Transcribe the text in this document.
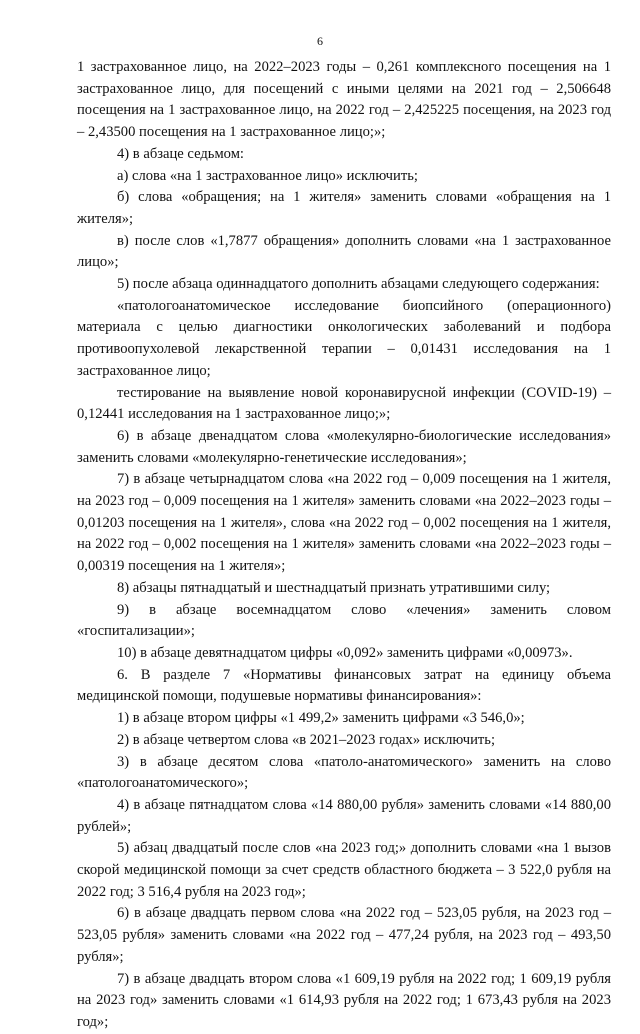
6

1 застрахованное лицо, на 2022–2023 годы – 0,261 комплексного посещения на 1 застрахованное лицо, для посещений с иными целями на 2021 год – 2,506648 посещения на 1 застрахованное лицо, на 2022 год – 2,425225 посещения, на 2023 год – 2,43500 посещения на 1 застрахованное лицо;»;

4) в абзаце седьмом:

а) слова «на 1 застрахованное лицо» исключить;

б) слова «обращения; на 1 жителя» заменить словами «обращения на 1 жителя»;

в) после слов «1,7877 обращения» дополнить словами «на 1 застрахованное лицо»;

5) после абзаца одиннадцатого дополнить абзацами следующего содержания:

«патологоанатомическое исследование биопсийного (операционного) материала с целью диагностики онкологических заболеваний и подбора противоопухолевой лекарственной терапии – 0,01431 исследования на 1 застрахованное лицо;

тестирование на выявление новой коронавирусной инфекции (COVID-19) – 0,12441 исследования на 1 застрахованное лицо;»;

6) в абзаце двенадцатом слова «молекулярно-биологические исследования» заменить словами «молекулярно-генетические исследования»;

7) в абзаце четырнадцатом слова «на 2022 год – 0,009 посещения на 1 жителя, на 2023 год – 0,009 посещения на 1 жителя» заменить словами «на 2022–2023 годы – 0,01203 посещения на 1 жителя», слова «на 2022 год – 0,002 посещения на 1 жителя, на 2022 год – 0,002 посещения на 1 жителя» заменить словами «на 2022–2023 годы – 0,00319 посещения на 1 жителя»;

8) абзацы пятнадцатый и шестнадцатый признать утратившими силу;

9) в абзаце восемнадцатом слово «лечения» заменить словом «госпитализации»;

10) в абзаце девятнадцатом цифры «0,092» заменить цифрами «0,00973».

6. В разделе 7 «Нормативы финансовых затрат на единицу объема медицинской помощи, подушевые нормативы финансирования»:

1) в абзаце втором цифры «1 499,2» заменить цифрами «3 546,0»;

2) в абзаце четвертом слова «в 2021–2023 годах» исключить;

3) в абзаце десятом слова «патоло-анатомического» заменить на слово «патологоанатомического»;

4) в абзаце пятнадцатом слова «14 880,00 рубля» заменить словами «14 880,00 рублей»;

5) абзац двадцатый после слов «на 2023 год;» дополнить словами «на 1 вызов скорой медицинской помощи за счет средств областного бюджета – 3 522,0 рубля на 2022 год; 3 516,4 рубля на 2023 год»;

6) в абзаце двадцать первом слова «на 2022 год – 523,05 рубля, на 2023 год – 523,05 рубля» заменить словами «на 2022 год – 477,24 рубля, на 2023 год – 493,50 рубля»;

7) в абзаце двадцать втором слова «1 609,19 рубля на 2022 год; 1 609,19 рубля на 2023 год» заменить словами «1 614,93 рубля на 2022 год; 1 673,43 рубля на 2023 год»;
